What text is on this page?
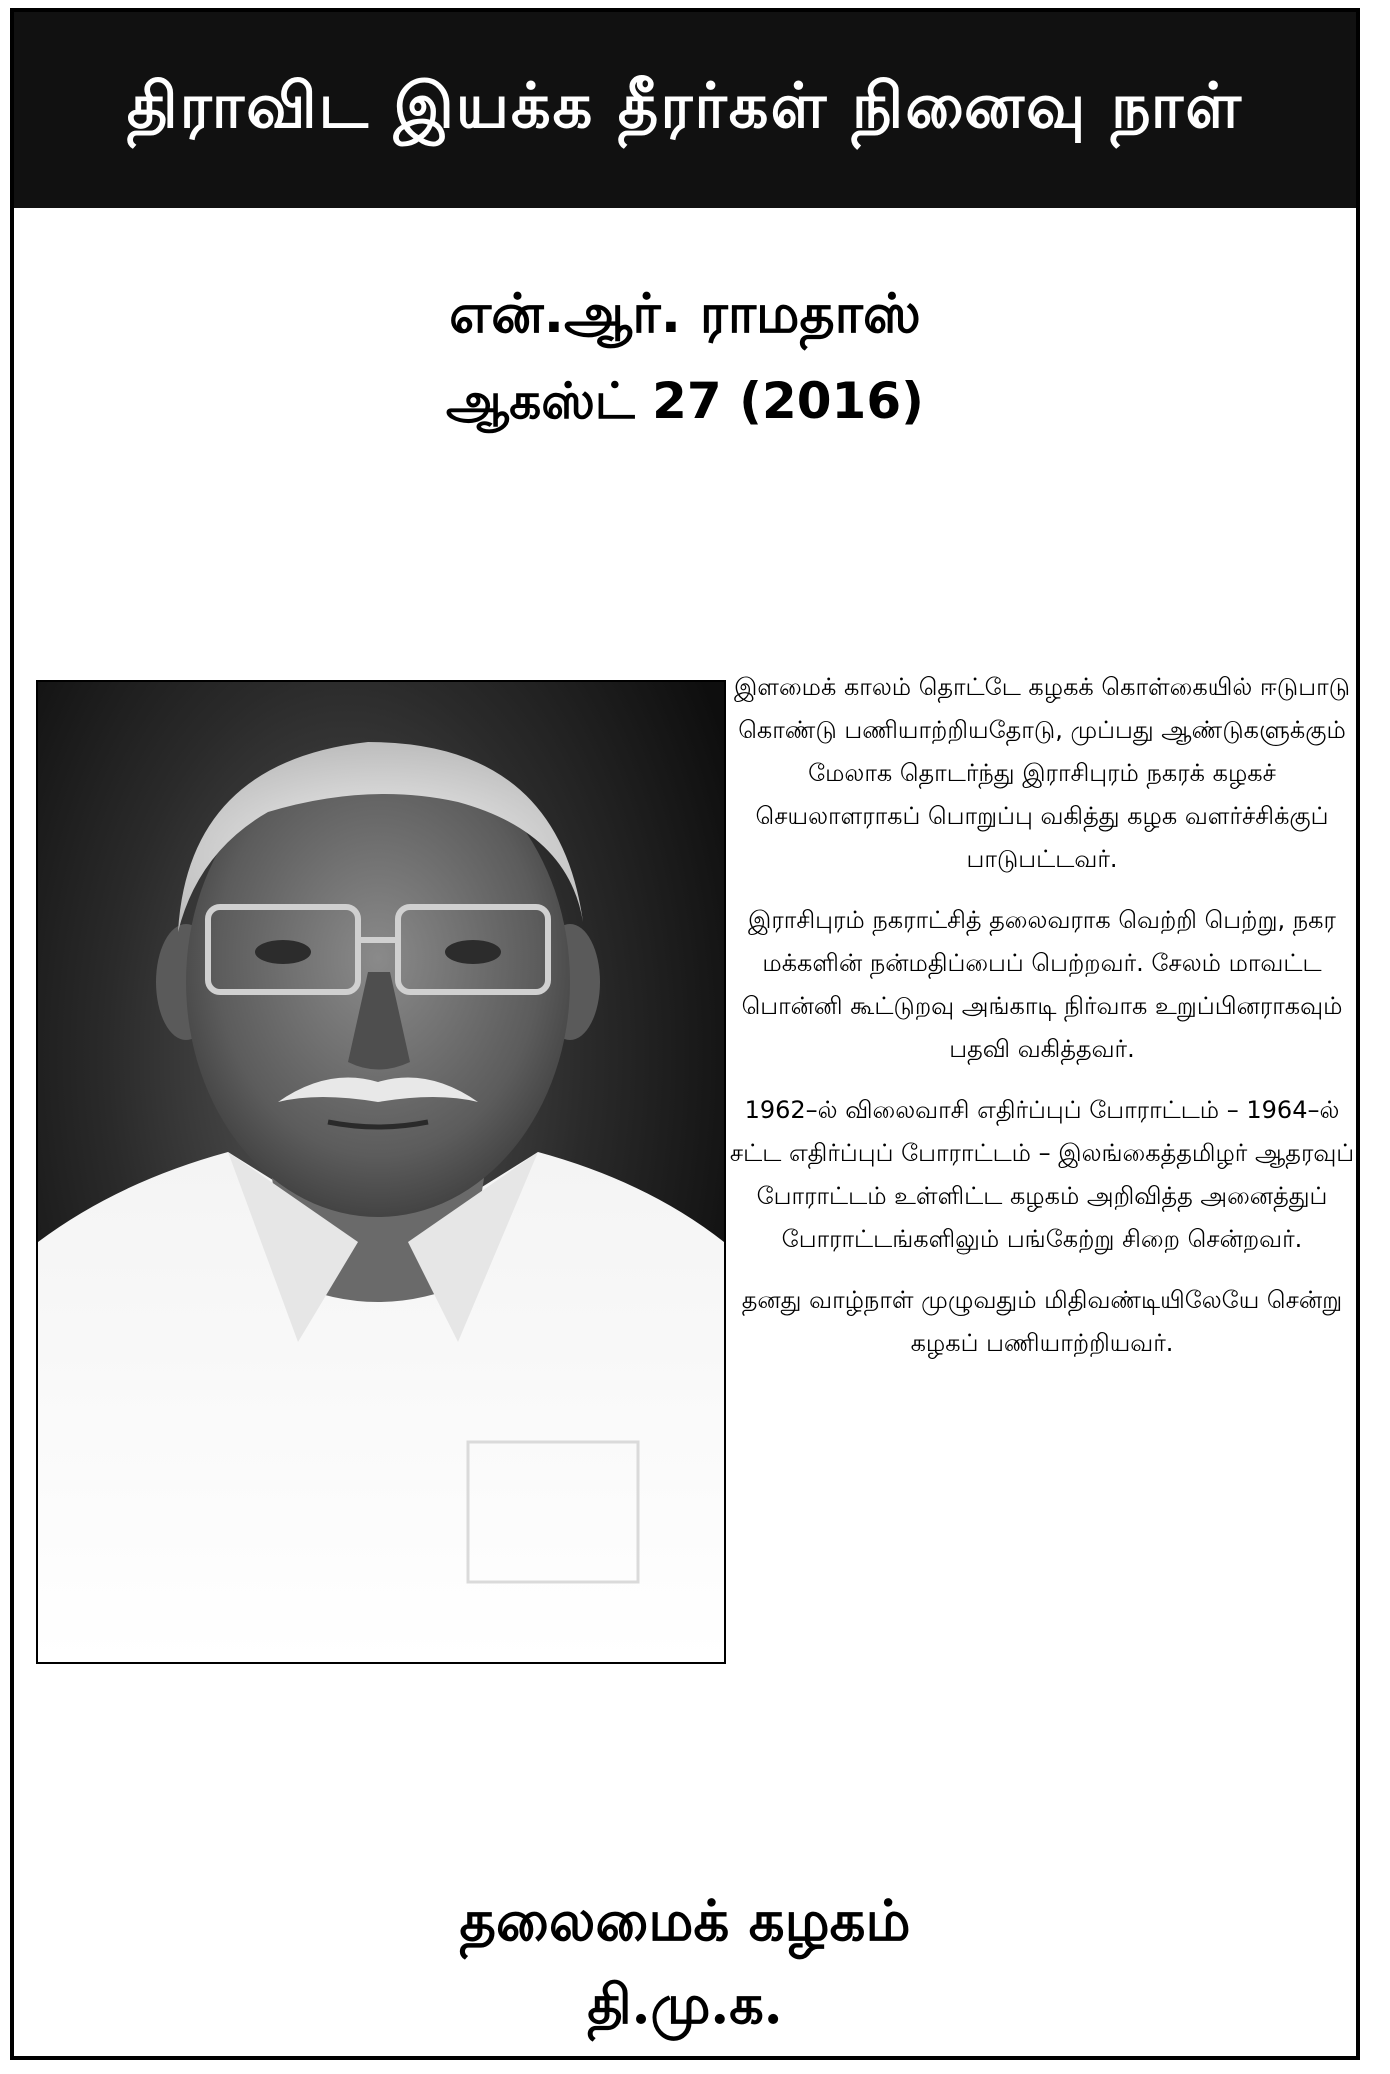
திராவிட இயக்க தீரர்கள் நினைவு நாள்
என்.ஆர். ராமதாஸ்
ஆகஸ்ட் 27 (2016)

இளமைக் காலம் தொட்டே கழகக் கொள்கையில் ஈடுபாடு கொண்டு பணியாற்றியதோடு, முப்பது ஆண்டுகளுக்கும் மேலாக தொடர்ந்து இராசிபுரம் நகரக் கழகச் செயலாளராகப் பொறுப்பு வகித்து கழக வளர்ச்சிக்குப் பாடுபட்டவர்.

இராசிபுரம் நகராட்சித் தலைவராக வெற்றி பெற்று, நகர மக்களின் நன்மதிப்பைப் பெற்றவர். சேலம் மாவட்ட பொன்னி கூட்டுறவு அங்காடி நிர்வாக உறுப்பினராகவும் பதவி வகித்தவர்.

1962–ல் விலைவாசி எதிர்ப்புப் போராட்டம் – 1964–ல் சட்ட எதிர்ப்புப் போராட்டம் – இலங்கைத்தமிழர் ஆதரவுப் போராட்டம் உள்ளிட்ட கழகம் அறிவித்த அனைத்துப் போராட்டங்களிலும் பங்கேற்று சிறை சென்றவர்.

தனது வாழ்நாள் முழுவதும் மிதிவண்டியிலேயே சென்று கழகப் பணியாற்றியவர்.

தலைமைக் கழகம்
தி.மு.க.
